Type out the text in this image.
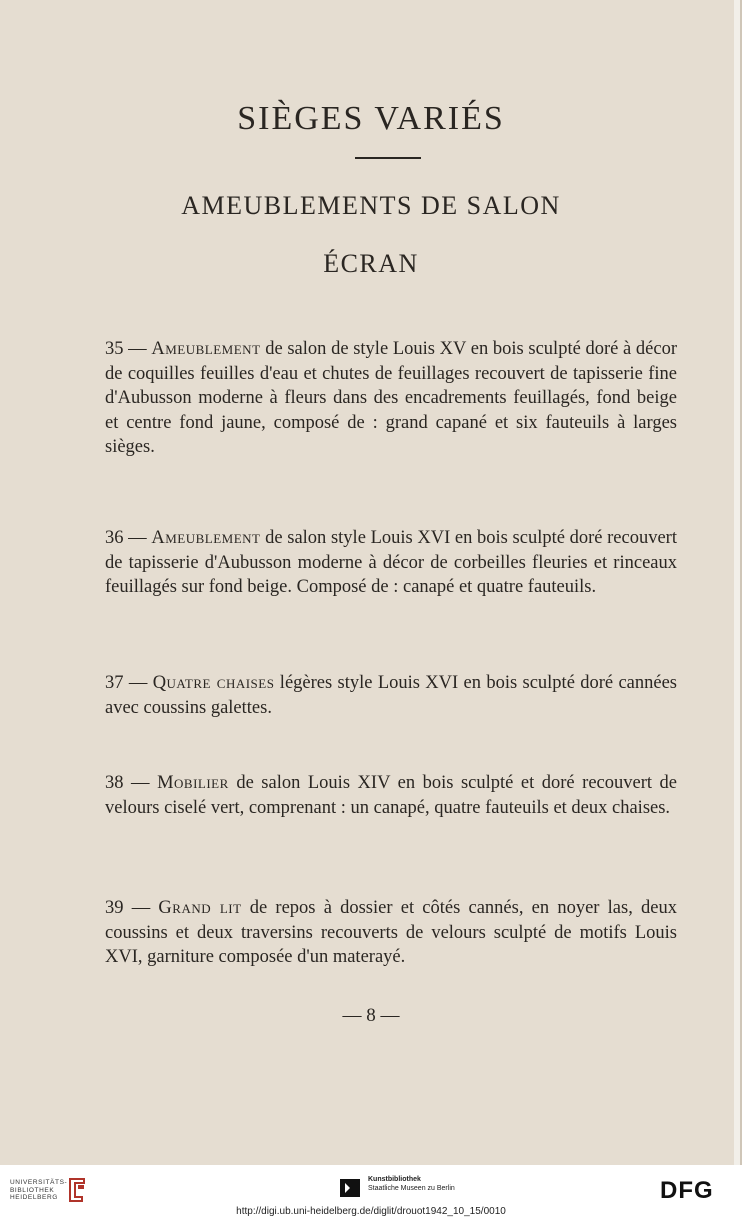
SIÈGES VARIÉS
AMEUBLEMENTS DE SALON
ÉCRAN

35 — Ameublement de salon de style Louis XV en bois sculpté doré à décor de coquilles feuilles d'eau et chutes de feuillages recouvert de tapisserie fine d'Aubusson moderne à fleurs dans des encadrements feuillagés, fond beige et centre fond jaune, composé de : grand capané et six fauteuils à larges sièges.

36 — Ameublement de salon style Louis XVI en bois sculpté doré recouvert de tapisserie d'Aubusson moderne à décor de corbeilles fleuries et rinceaux feuillagés sur fond beige. Composé de : canapé et quatre fauteuils.

37 — Quatre chaises légères style Louis XVI en bois sculpté doré cannées avec coussins galettes.

38 — Mobilier de salon Louis XIV en bois sculpté et doré recouvert de velours ciselé vert, comprenant : un canapé, quatre fauteuils et deux chaises.

39 — Grand lit de repos à dossier et côtés cannés, en noyer las, deux coussins et deux traversins recouverts de velours sculpté de motifs Louis XVI, garniture composée d'un materayé.

— 8 —

UNIVERSITÄTS-
BIBLIOTHEK
HEIDELBERG
Kunstbibliothek
Staatliche Museen zu Berlin	DFG
http://digi.ub.uni-heidelberg.de/diglit/drouot1942_10_15/0010
